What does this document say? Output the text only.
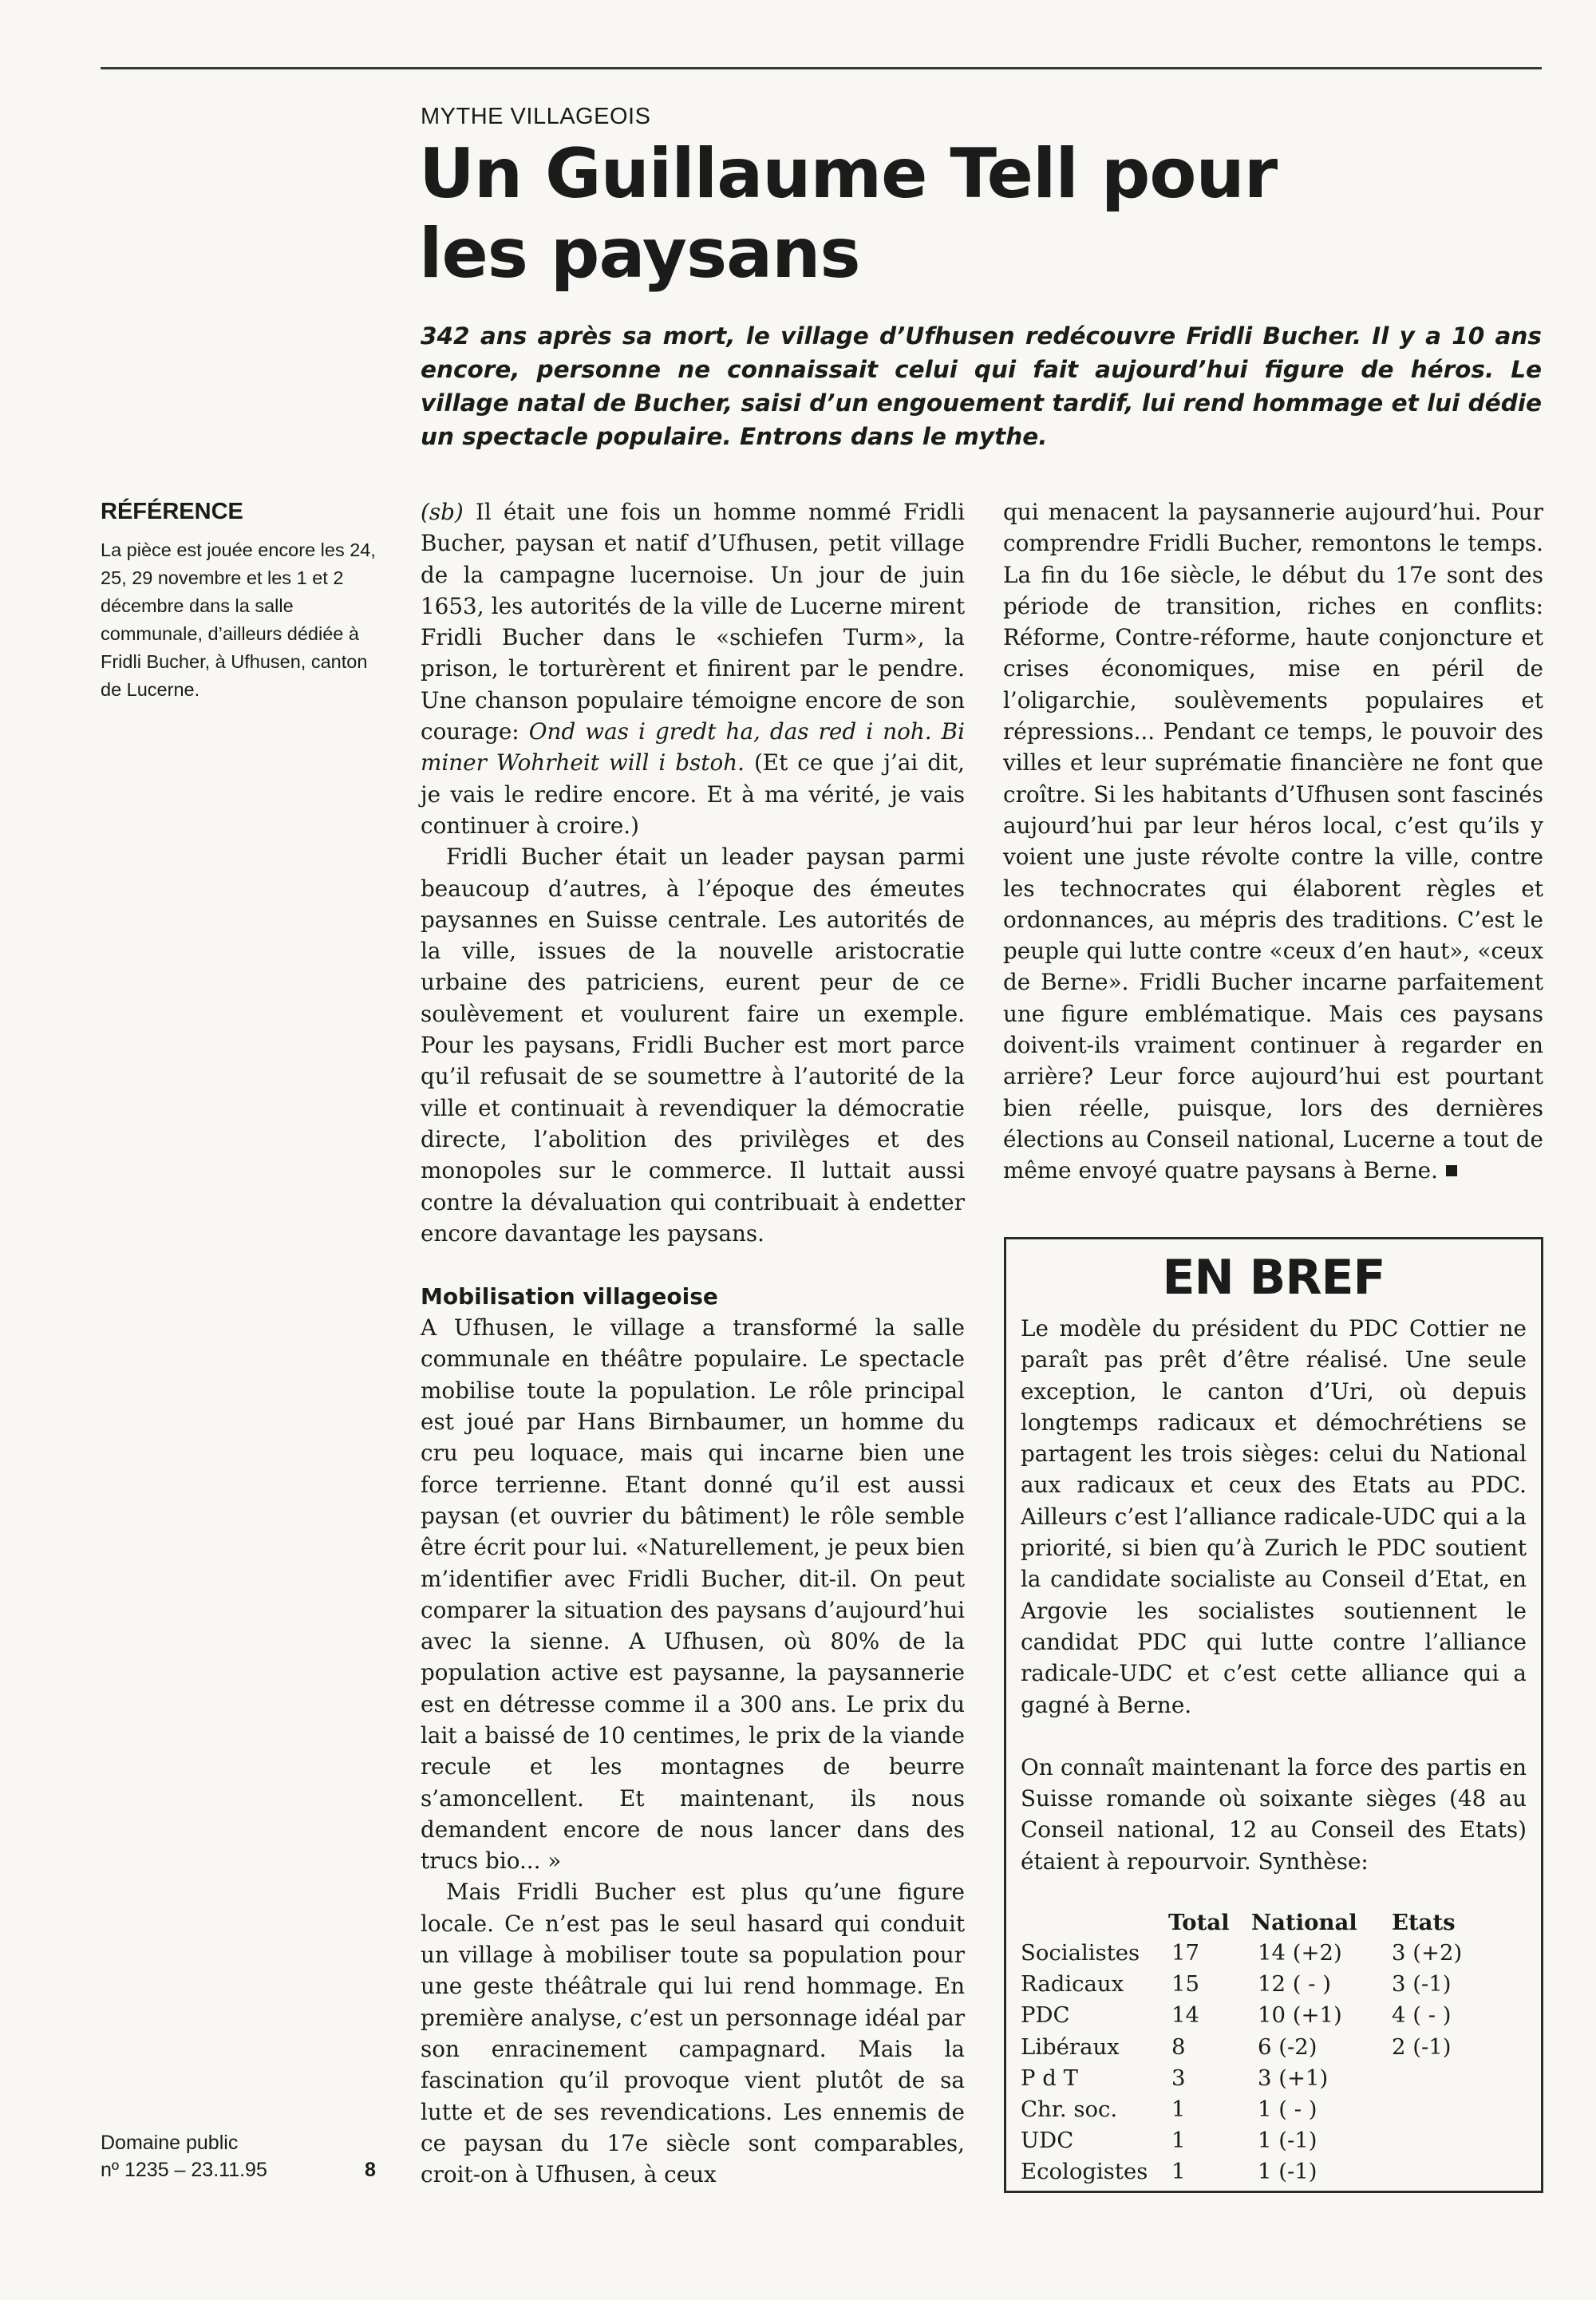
MYTHE VILLAGEOIS
Un Guillaume Tell pour
les paysans

342 ans après sa mort, le village d’Ufhusen redécouvre Fridli Bucher. Il y a 10 ans encore, personne ne connaissait celui qui fait aujourd’hui figure de héros. Le village natal de Bucher, saisi d’un engouement tardif, lui rend hommage et lui dédie un spectacle populaire. Entrons dans le mythe.

RÉFÉRENCE
La pièce est jouée encore les 24, 25, 29 novembre et les 1 et 2 décembre dans la salle communale, d’ailleurs dédiée à Fridli Bucher, à Ufhusen, canton de Lucerne.
Domaine public
nº 1235 – 23.11.95	8

(sb) Il était une fois un homme nommé Fridli Bucher, paysan et natif d’Ufhusen, petit village de la campagne lucernoise. Un jour de juin 1653, les autorités de la ville de Lucerne mirent Fridli Bucher dans le «schiefen Turm», la prison, le torturèrent et finirent par le pendre. Une chanson populaire témoigne encore de son courage: Ond was i gredt ha, das red i noh. Bi miner Wohrheit will i bstoh. (Et ce que j’ai dit, je vais le redire encore. Et à ma vérité, je vais continuer à croire.)

Fridli Bucher était un leader paysan parmi beaucoup d’autres, à l’époque des émeutes paysannes en Suisse centrale. Les autorités de la ville, issues de la nouvelle aristocratie urbaine des patriciens, eurent peur de ce soulèvement et voulurent faire un exemple. Pour les paysans, Fridli Bucher est mort parce qu’il refusait de se soumettre à l’autorité de la ville et continuait à revendiquer la démocratie directe, l’abolition des privilèges et des monopoles sur le commerce. Il luttait aussi contre la dévaluation qui contribuait à endetter encore davantage les paysans.

Mobilisation villageoise

A Ufhusen, le village a transformé la salle communale en théâtre populaire. Le spectacle mobilise toute la population. Le rôle principal est joué par Hans Birnbaumer, un homme du cru peu loquace, mais qui incarne bien une force terrienne. Etant donné qu’il est aussi paysan (et ouvrier du bâtiment) le rôle semble être écrit pour lui. «Naturellement, je peux bien m’identifier avec Fridli Bucher, dit-il. On peut comparer la situation des paysans d’aujourd’hui avec la sienne. A Ufhusen, où 80% de la population active est paysanne, la paysannerie est en détresse comme il a 300 ans. Le prix du lait a baissé de 10 centimes, le prix de la viande recule et les montagnes de beurre s’amoncellent. Et maintenant, ils nous demandent encore de nous lancer dans des trucs bio... »

Mais Fridli Bucher est plus qu’une figure locale. Ce n’est pas le seul hasard qui conduit un village à mobiliser toute sa population pour une geste théâtrale qui lui rend hommage. En première analyse, c’est un personnage idéal par son enracinement campagnard. Mais la fascination qu’il provoque vient plutôt de sa lutte et de ses revendications. Les ennemis de ce paysan du 17e siècle sont comparables, croit-on à Ufhusen, à ceux

qui menacent la paysannerie aujourd’hui. Pour comprendre Fridli Bucher, remontons le temps. La fin du 16e siècle, le début du 17e sont des période de transition, riches en conflits: Réforme, Contre-réforme, haute conjoncture et crises économiques, mise en péril de l’oligarchie, soulèvements populaires et répressions... Pendant ce temps, le pouvoir des villes et leur suprématie financière ne font que croître. Si les habitants d’Ufhusen sont fascinés aujourd’hui par leur héros local, c’est qu’ils y voient une juste révolte contre la ville, contre les technocrates qui élaborent règles et ordonnances, au mépris des traditions. C’est le peuple qui lutte contre «ceux d’en haut», «ceux de Berne». Fridli Bucher incarne parfaitement une figure emblématique. Mais ces paysans doivent-ils vraiment continuer à regarder en arrière? Leur force aujourd’hui est pourtant bien réelle, puisque, lors des dernières élections au Conseil national, Lucerne a tout de même envoyé quatre paysans à Berne.

EN BREF

Le modèle du président du PDC Cottier ne paraît pas prêt d’être réalisé. Une seule exception, le canton d’Uri, où depuis longtemps radicaux et démochrétiens se partagent les trois sièges: celui du National aux radicaux et ceux des Etats au PDC. Ailleurs c’est l’alliance radicale-UDC qui a la priorité, si bien qu’à Zurich le PDC soutient la candidate socialiste au Conseil d’Etat, en Argovie les socialistes soutiennent le candidat PDC qui lutte contre l’alliance radicale-UDC et c’est cette alliance qui a gagné à Berne.

On connaît maintenant la force des partis en Suisse romande où soixante sièges (48 au Conseil national, 12 au Conseil des Etats) étaient à repourvoir. Synthèse:

	Total	National	Etats
Socialistes	17	14 (+2)	3 (+2)
Radicaux	15	12 ( - )	3 (-1)
PDC	14	10 (+1)	4 ( - )
Libéraux	8	6 (-2)	2 (-1)
P d T	3	3 (+1)	
Chr. soc.	1	1 ( - )	
UDC	1	1 (-1)	
Ecologistes	1	1 (-1)	
